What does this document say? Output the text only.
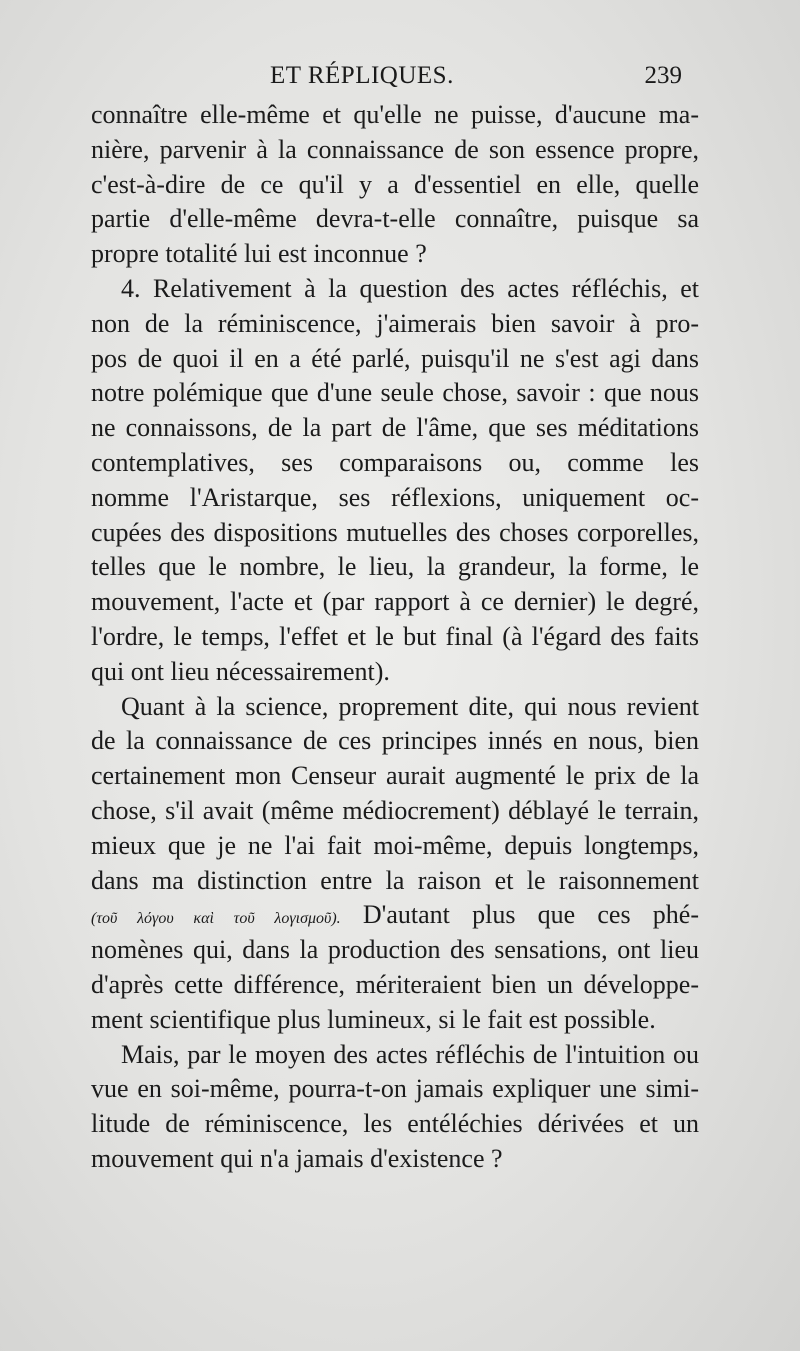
ET RÉPLIQUES.	239
connaître elle-même et qu'elle ne puisse, d'aucune ma-
nière, parvenir à la connaissance de son essence propre,
c'est-à-dire de ce qu'il y a d'essentiel en elle, quelle
partie d'elle-même devra-t-elle connaître, puisque sa
propre totalité lui est inconnue ?
4. Relativement à la question des actes réfléchis, et
non de la réminiscence, j'aimerais bien savoir à pro-
pos de quoi il en a été parlé, puisqu'il ne s'est agi dans
notre polémique que d'une seule chose, savoir : que nous
ne connaissons, de la part de l'âme, que ses méditations
contemplatives, ses comparaisons ou, comme les
nomme l'Aristarque, ses réflexions, uniquement oc-
cupées des dispositions mutuelles des choses corporelles,
telles que le nombre, le lieu, la grandeur, la forme, le
mouvement, l'acte et (par rapport à ce dernier) le degré,
l'ordre, le temps, l'effet et le but final (à l'égard des faits
qui ont lieu nécessairement).
Quant à la science, proprement dite, qui nous revient
de la connaissance de ces principes innés en nous, bien
certainement mon Censeur aurait augmenté le prix de la
chose, s'il avait (même médiocrement) déblayé le terrain,
mieux que je ne l'ai fait moi-même, depuis longtemps,
dans ma distinction entre la raison et le raisonnement
(τοῦ λόγου καὶ τοῦ λογισμοῦ). D'autant plus que ces phé-
nomènes qui, dans la production des sensations, ont lieu
d'après cette différence, mériteraient bien un développe-
ment scientifique plus lumineux, si le fait est possible.
Mais, par le moyen des actes réfléchis de l'intuition ou
vue en soi-même, pourra-t-on jamais expliquer une simi-
litude de réminiscence, les entéléchies dérivées et un
mouvement qui n'a jamais d'existence ?
